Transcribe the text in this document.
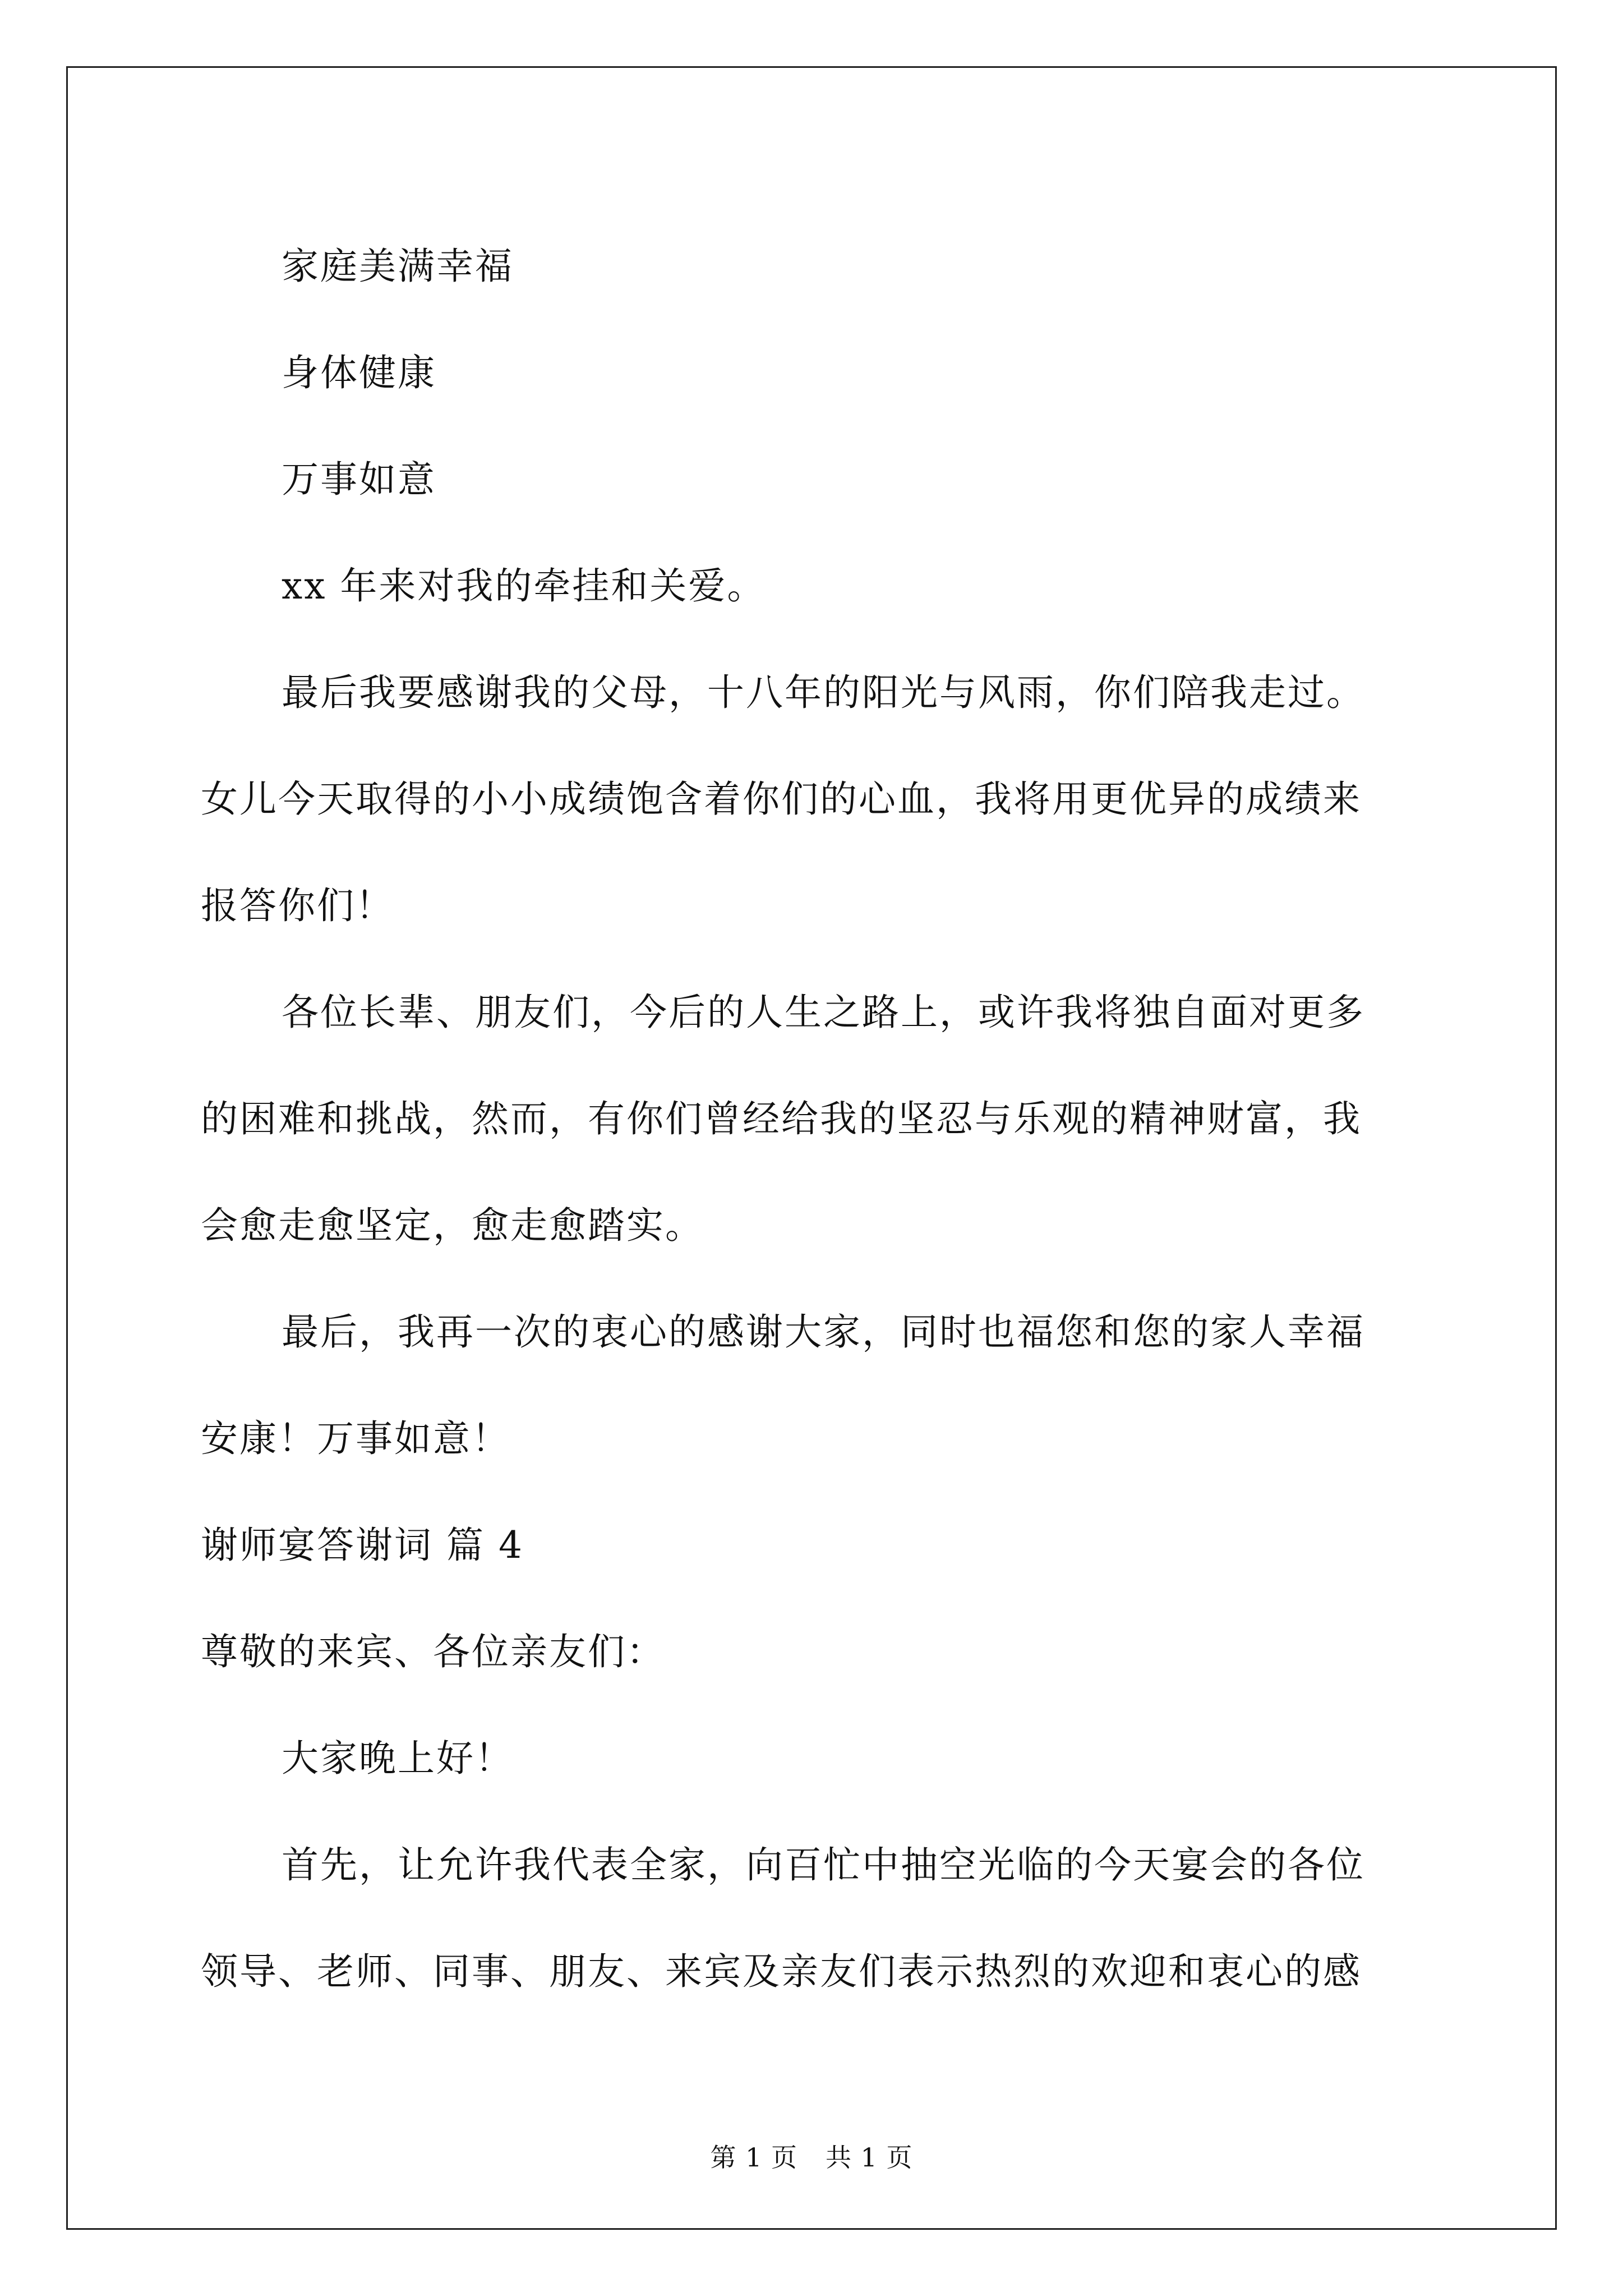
家庭美满幸福
身体健康
万事如意
xx 年来对我的牵挂和关爱。
最后我要感谢我的父母，十八年的阳光与风雨，你们陪我走过。
女儿今天取得的小小成绩饱含着你们的心血，我将用更优异的成绩来
报答你们！
各位长辈、朋友们，今后的人生之路上，或许我将独自面对更多
的困难和挑战，然而，有你们曾经给我的坚忍与乐观的精神财富，我
会愈走愈坚定，愈走愈踏实。
最后，我再一次的衷心的感谢大家，同时也福您和您的家人幸福
安康！万事如意！
谢师宴答谢词 篇 4
尊敬的来宾、各位亲友们：
大家晚上好！
首先，让允许我代表全家，向百忙中抽空光临的今天宴会的各位
领导、老师、同事、朋友、来宾及亲友们表示热烈的欢迎和衷心的感
第 1 页 共 1 页
